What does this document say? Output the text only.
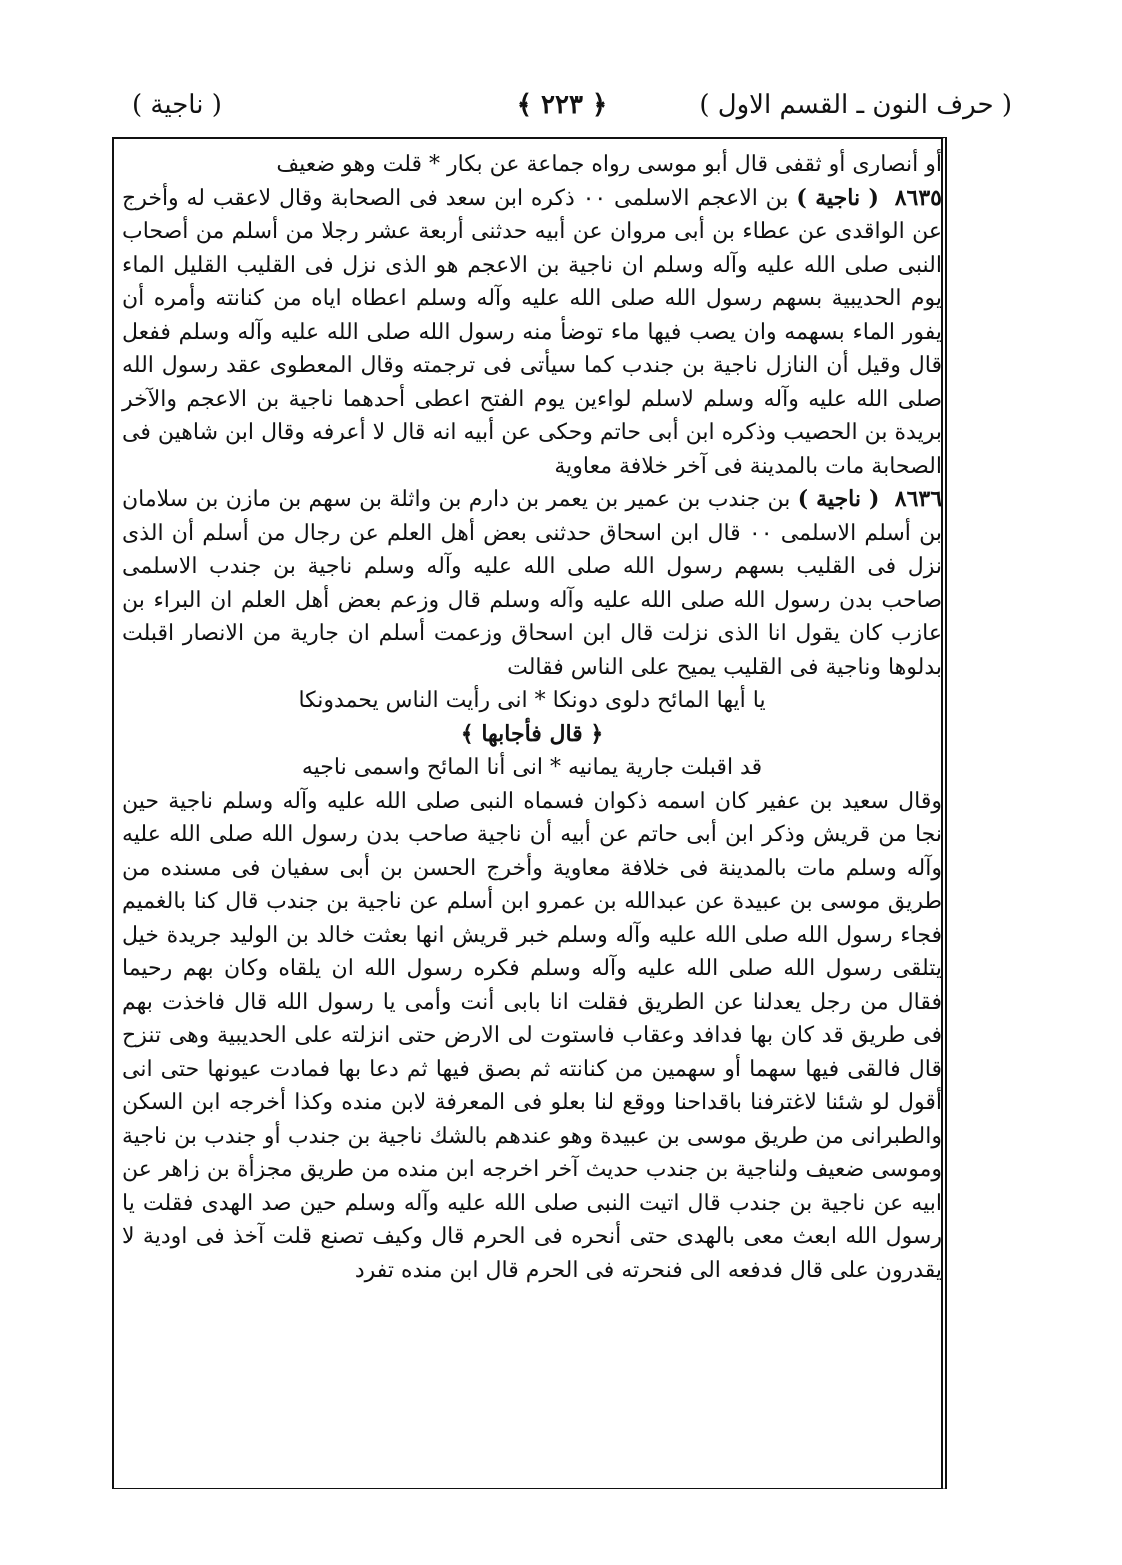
( حرف النون ـ القسم الاول )
﴿ ٢٢٣ ﴾
( ناجية )

أو أنصارى أو ثقفى قال أبو موسى رواه جماعة عن بكار * قلت وهو ضعيف

٨٦٣٥ ( ناجية ) بن الاعجم الاسلمى ٠٠ ذكره ابن سعد فى الصحابة وقال لاعقب له وأخرج عن الواقدى عن عطاء بن أبى مروان عن أبيه حدثنى أربعة عشر رجلا من أسلم من أصحاب النبى صلى الله عليه وآله وسلم ان ناجية بن الاعجم هو الذى نزل فى القليب القليل الماء يوم الحديبية بسهم رسول الله صلى الله عليه وآله وسلم اعطاه اياه من كنانته وأمره أن يفور الماء بسهمه وان يصب فيها ماء توضأ منه رسول الله صلى الله عليه وآله وسلم ففعل قال وقيل أن النازل ناجية بن جندب كما سيأتى فى ترجمته وقال المعطوى عقد رسول الله صلى الله عليه وآله وسلم لاسلم لواءين يوم الفتح اعطى أحدهما ناجية بن الاعجم والآخر بريدة بن الحصيب وذكره ابن أبى حاتم وحكى عن أبيه انه قال لا أعرفه وقال ابن شاهين فى الصحابة مات بالمدينة فى آخر خلافة معاوية

٨٦٣٦ ( ناجية ) بن جندب بن عمير بن يعمر بن دارم بن واثلة بن سهم بن مازن بن سلامان بن أسلم الاسلمى ٠٠ قال ابن اسحاق حدثنى بعض أهل العلم عن رجال من أسلم أن الذى نزل فى القليب بسهم رسول الله صلى الله عليه وآله وسلم ناجية بن جندب الاسلمى صاحب بدن رسول الله صلى الله عليه وآله وسلم قال وزعم بعض أهل العلم ان البراء بن عازب كان يقول انا الذى نزلت قال ابن اسحاق وزعمت أسلم ان جارية من الانصار اقبلت بدلوها وناجية فى القليب يميح على الناس فقالت

يا أيها المائح دلوى دونكا * انى رأيت الناس يحمدونكا

﴿ قال فأجابها ﴾

قد اقبلت جارية يمانيه * انى أنا المائح واسمى ناجيه

وقال سعيد بن عفير كان اسمه ذكوان فسماه النبى صلى الله عليه وآله وسلم ناجية حين نجا من قريش وذكر ابن أبى حاتم عن أبيه أن ناجية صاحب بدن رسول الله صلى الله عليه وآله وسلم مات بالمدينة فى خلافة معاوية وأخرج الحسن بن أبى سفيان فى مسنده من طريق موسى بن عبيدة عن عبدالله بن عمرو ابن أسلم عن ناجية بن جندب قال كنا بالغميم فجاء رسول الله صلى الله عليه وآله وسلم خبر قريش انها بعثت خالد بن الوليد جريدة خيل يتلقى رسول الله صلى الله عليه وآله وسلم فكره رسول الله ان يلقاه وكان بهم رحيما فقال من رجل يعدلنا عن الطريق فقلت انا بابى أنت وأمى يا رسول الله قال فاخذت بهم فى طريق قد كان بها فدافد وعقاب فاستوت لى الارض حتى انزلته على الحديبية وهى تنزح قال فالقى فيها سهما أو سهمين من كنانته ثم بصق فيها ثم دعا بها فمادت عيونها حتى انى أقول لو شئنا لاغترفنا باقداحنا ووقع لنا بعلو فى المعرفة لابن منده وكذا أخرجه ابن السكن والطبرانى من طريق موسى بن عبيدة وهو عندهم بالشك ناجية بن جندب أو جندب بن ناجية وموسى ضعيف ولناجية بن جندب حديث آخر اخرجه ابن منده من طريق مجزأة بن زاهر عن ابيه عن ناجية بن جندب قال اتيت النبى صلى الله عليه وآله وسلم حين صد الهدى فقلت يا رسول الله ابعث معى بالهدى حتى أنحره فى الحرم قال وكيف تصنع قلت آخذ فى اودية لا يقدرون على قال فدفعه الى فنحرته فى الحرم قال ابن منده تفرد
